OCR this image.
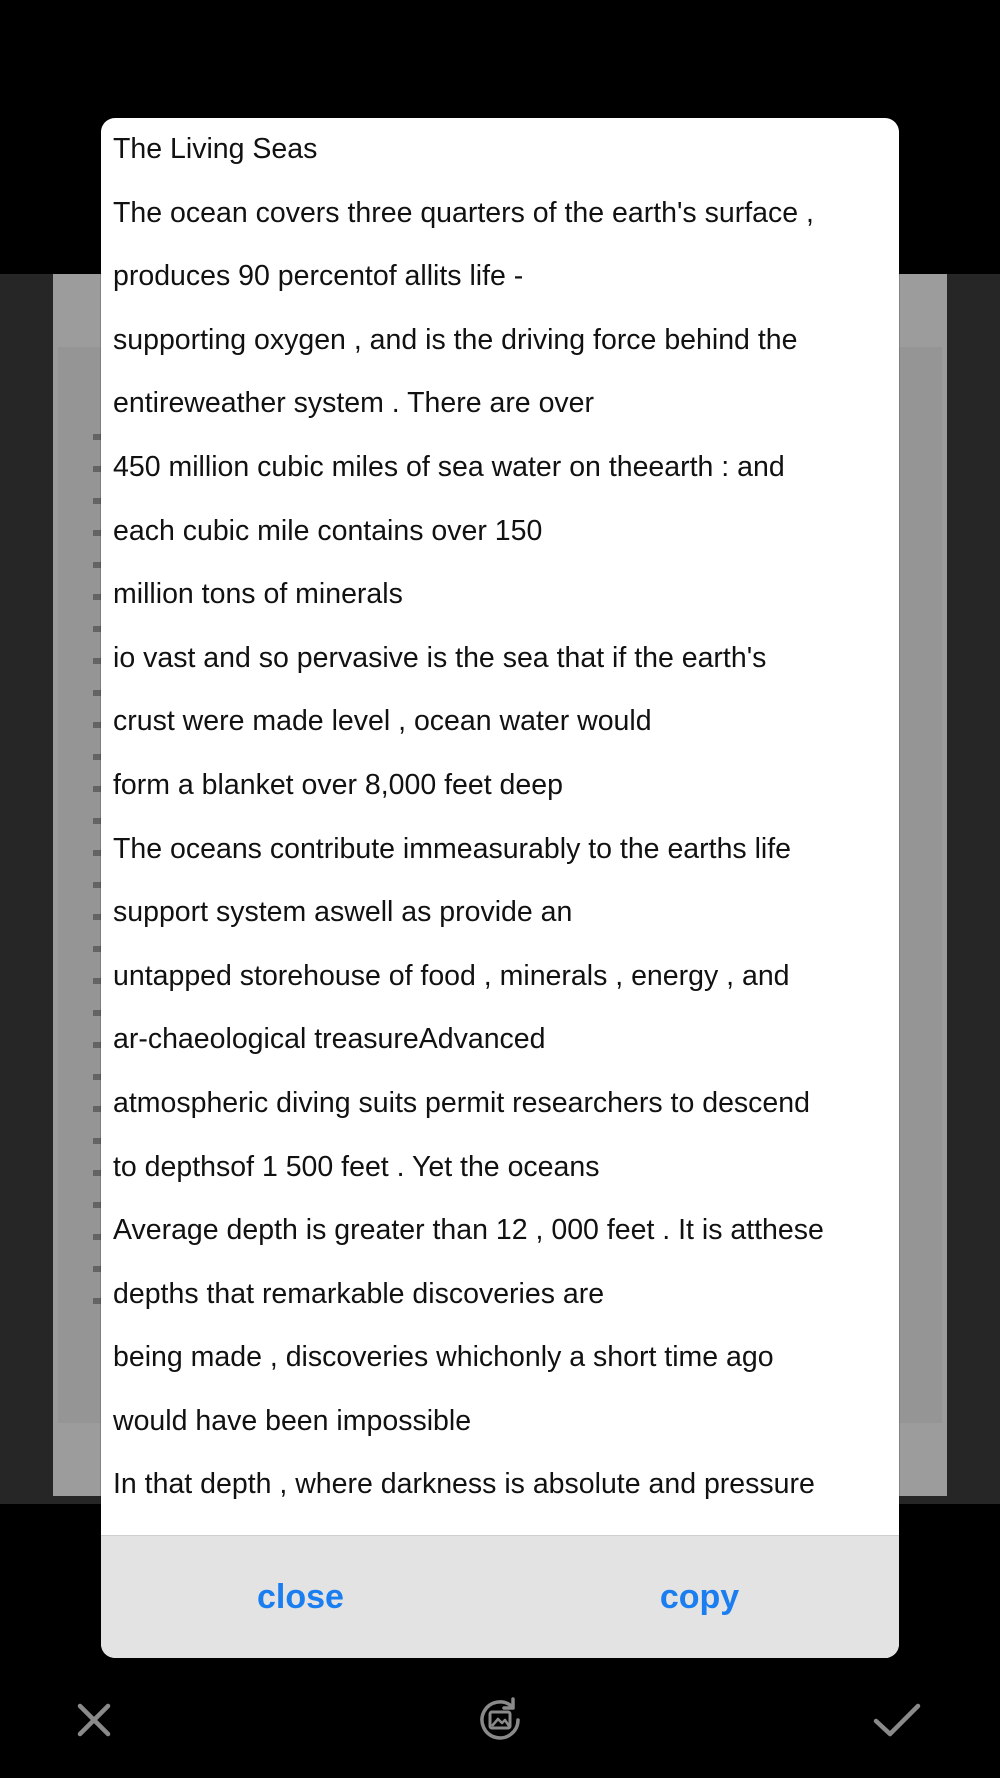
The Living Seas
The ocean covers three quarters of the earth's surface ,
produces 90 percentof allits life -
supporting oxygen , and is the driving force behind the
entireweather system . There are over
450 million cubic miles of sea water on theearth : and
each cubic mile contains over 150
million tons of minerals
io vast and so pervasive is the sea that if the earth's
crust were made level , ocean water would
form a blanket over 8,000 feet deep
The oceans contribute immeasurably to the earths life
support system aswell as provide an
untapped storehouse of food , minerals , energy , and
ar-chaeological treasureAdvanced
atmospheric diving suits permit researchers to descend
to depthsof 1 500 feet . Yet the oceans
Average depth is greater than 12 , 000 feet . It is atthese
depths that remarkable discoveries are
being made , discoveries whichonly a short time ago
would have been impossible
In that depth , where darkness is absolute and pressure
close	copy
